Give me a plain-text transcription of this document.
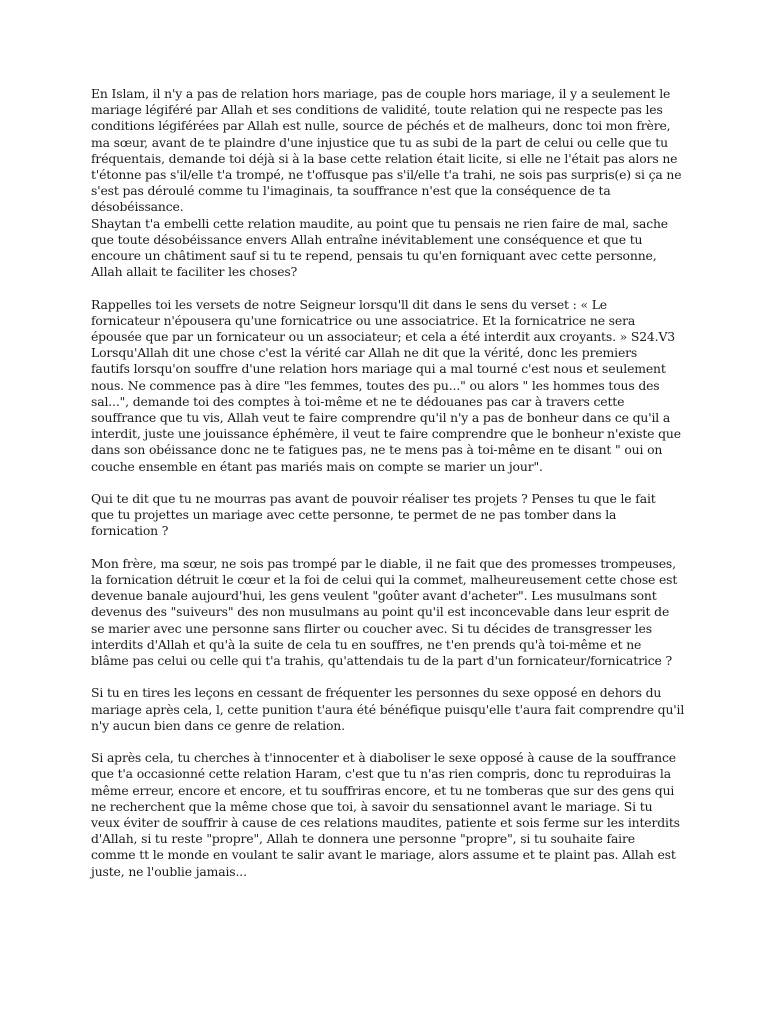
En Islam, il n'y a pas de relation hors mariage, pas de couple hors mariage, il y a seulement le
mariage légiféré par Allah et ses conditions de validité, toute relation qui ne respecte pas les
conditions légiférées par Allah est nulle, source de péchés et de malheurs, donc toi mon frère,
ma sœur, avant de te plaindre d'une injustice que tu as subi de la part de celui ou celle que tu
fréquentais, demande toi déjà si à la base cette relation était licite, si elle ne l'était pas alors ne
t'étonne pas s'il/elle t'a trompé, ne t'offusque pas s'il/elle t'a trahi, ne sois pas surpris(e) si ça ne
s'est pas déroulé comme tu l'imaginais, ta souffrance n'est que la conséquence de ta
désobéissance.

Shaytan t'a embelli cette relation maudite, au point que tu pensais ne rien faire de mal, sache
que toute désobéissance envers Allah entraîne inévitablement une conséquence et que tu
encoure un châtiment sauf si tu te repend, pensais tu qu'en forniquant avec cette personne,
Allah allait te faciliter les choses?

Rappelles toi les versets de notre Seigneur lorsqu'll dit dans le sens du verset : « Le
fornicateur n'épousera qu'une fornicatrice ou une associatrice. Et la fornicatrice ne sera
épousée que par un fornicateur ou un associateur; et cela a été interdit aux croyants. » S24.V3
Lorsqu'Allah dit une chose c'est la vérité car Allah ne dit que la vérité, donc les premiers
fautifs lorsqu'on souffre d'une relation hors mariage qui a mal tourné c'est nous et seulement
nous. Ne commence pas à dire "les femmes, toutes des pu..." ou alors " les hommes tous des
sal...", demande toi des comptes à toi-même et ne te dédouanes pas car à travers cette
souffrance que tu vis, Allah veut te faire comprendre qu'il n'y a pas de bonheur dans ce qu'il a
interdit, juste une jouissance éphémère, il veut te faire comprendre que le bonheur n'existe que
dans son obéissance donc ne te fatigues pas, ne te mens pas à toi-même en te disant " oui on
couche ensemble en étant pas mariés mais on compte se marier un jour".

Qui te dit que tu ne mourras pas avant de pouvoir réaliser tes projets ? Penses tu que le fait
que tu projettes un mariage avec cette personne, te permet de ne pas tomber dans la
fornication ?

Mon frère, ma sœur, ne sois pas trompé par le diable, il ne fait que des promesses trompeuses,
la fornication détruit le cœur et la foi de celui qui la commet, malheureusement cette chose est
devenue banale aujourd'hui, les gens veulent "goûter avant d'acheter". Les musulmans sont
devenus des "suiveurs" des non musulmans au point qu'il est inconcevable dans leur esprit de
se marier avec une personne sans flirter ou coucher avec. Si tu décides de transgresser les
interdits d'Allah et qu'à la suite de cela tu en souffres, ne t'en prends qu'à toi-même et ne
blâme pas celui ou celle qui t'a trahis, qu'attendais tu de la part d'un fornicateur/fornicatrice ?

Si tu en tires les leçons en cessant de fréquenter les personnes du sexe opposé en dehors du
mariage après cela, l, cette punition t'aura été bénéfique puisqu'elle t'aura fait comprendre qu'il
n'y aucun bien dans ce genre de relation.

Si après cela, tu cherches à t'innocenter et à diaboliser le sexe opposé à cause de la souffrance
que t'a occasionné cette relation Haram, c'est que tu n'as rien compris, donc tu reproduiras la
même erreur, encore et encore, et tu souffriras encore, et tu ne tomberas que sur des gens qui
ne recherchent que la même chose que toi, à savoir du sensationnel avant le mariage. Si tu
veux éviter de souffrir à cause de ces relations maudites, patiente et sois ferme sur les interdits
d'Allah, si tu reste "propre", Allah te donnera une personne "propre", si tu souhaite faire
comme tt le monde en voulant te salir avant le mariage, alors assume et te plaint pas. Allah est
juste, ne l'oublie jamais...
